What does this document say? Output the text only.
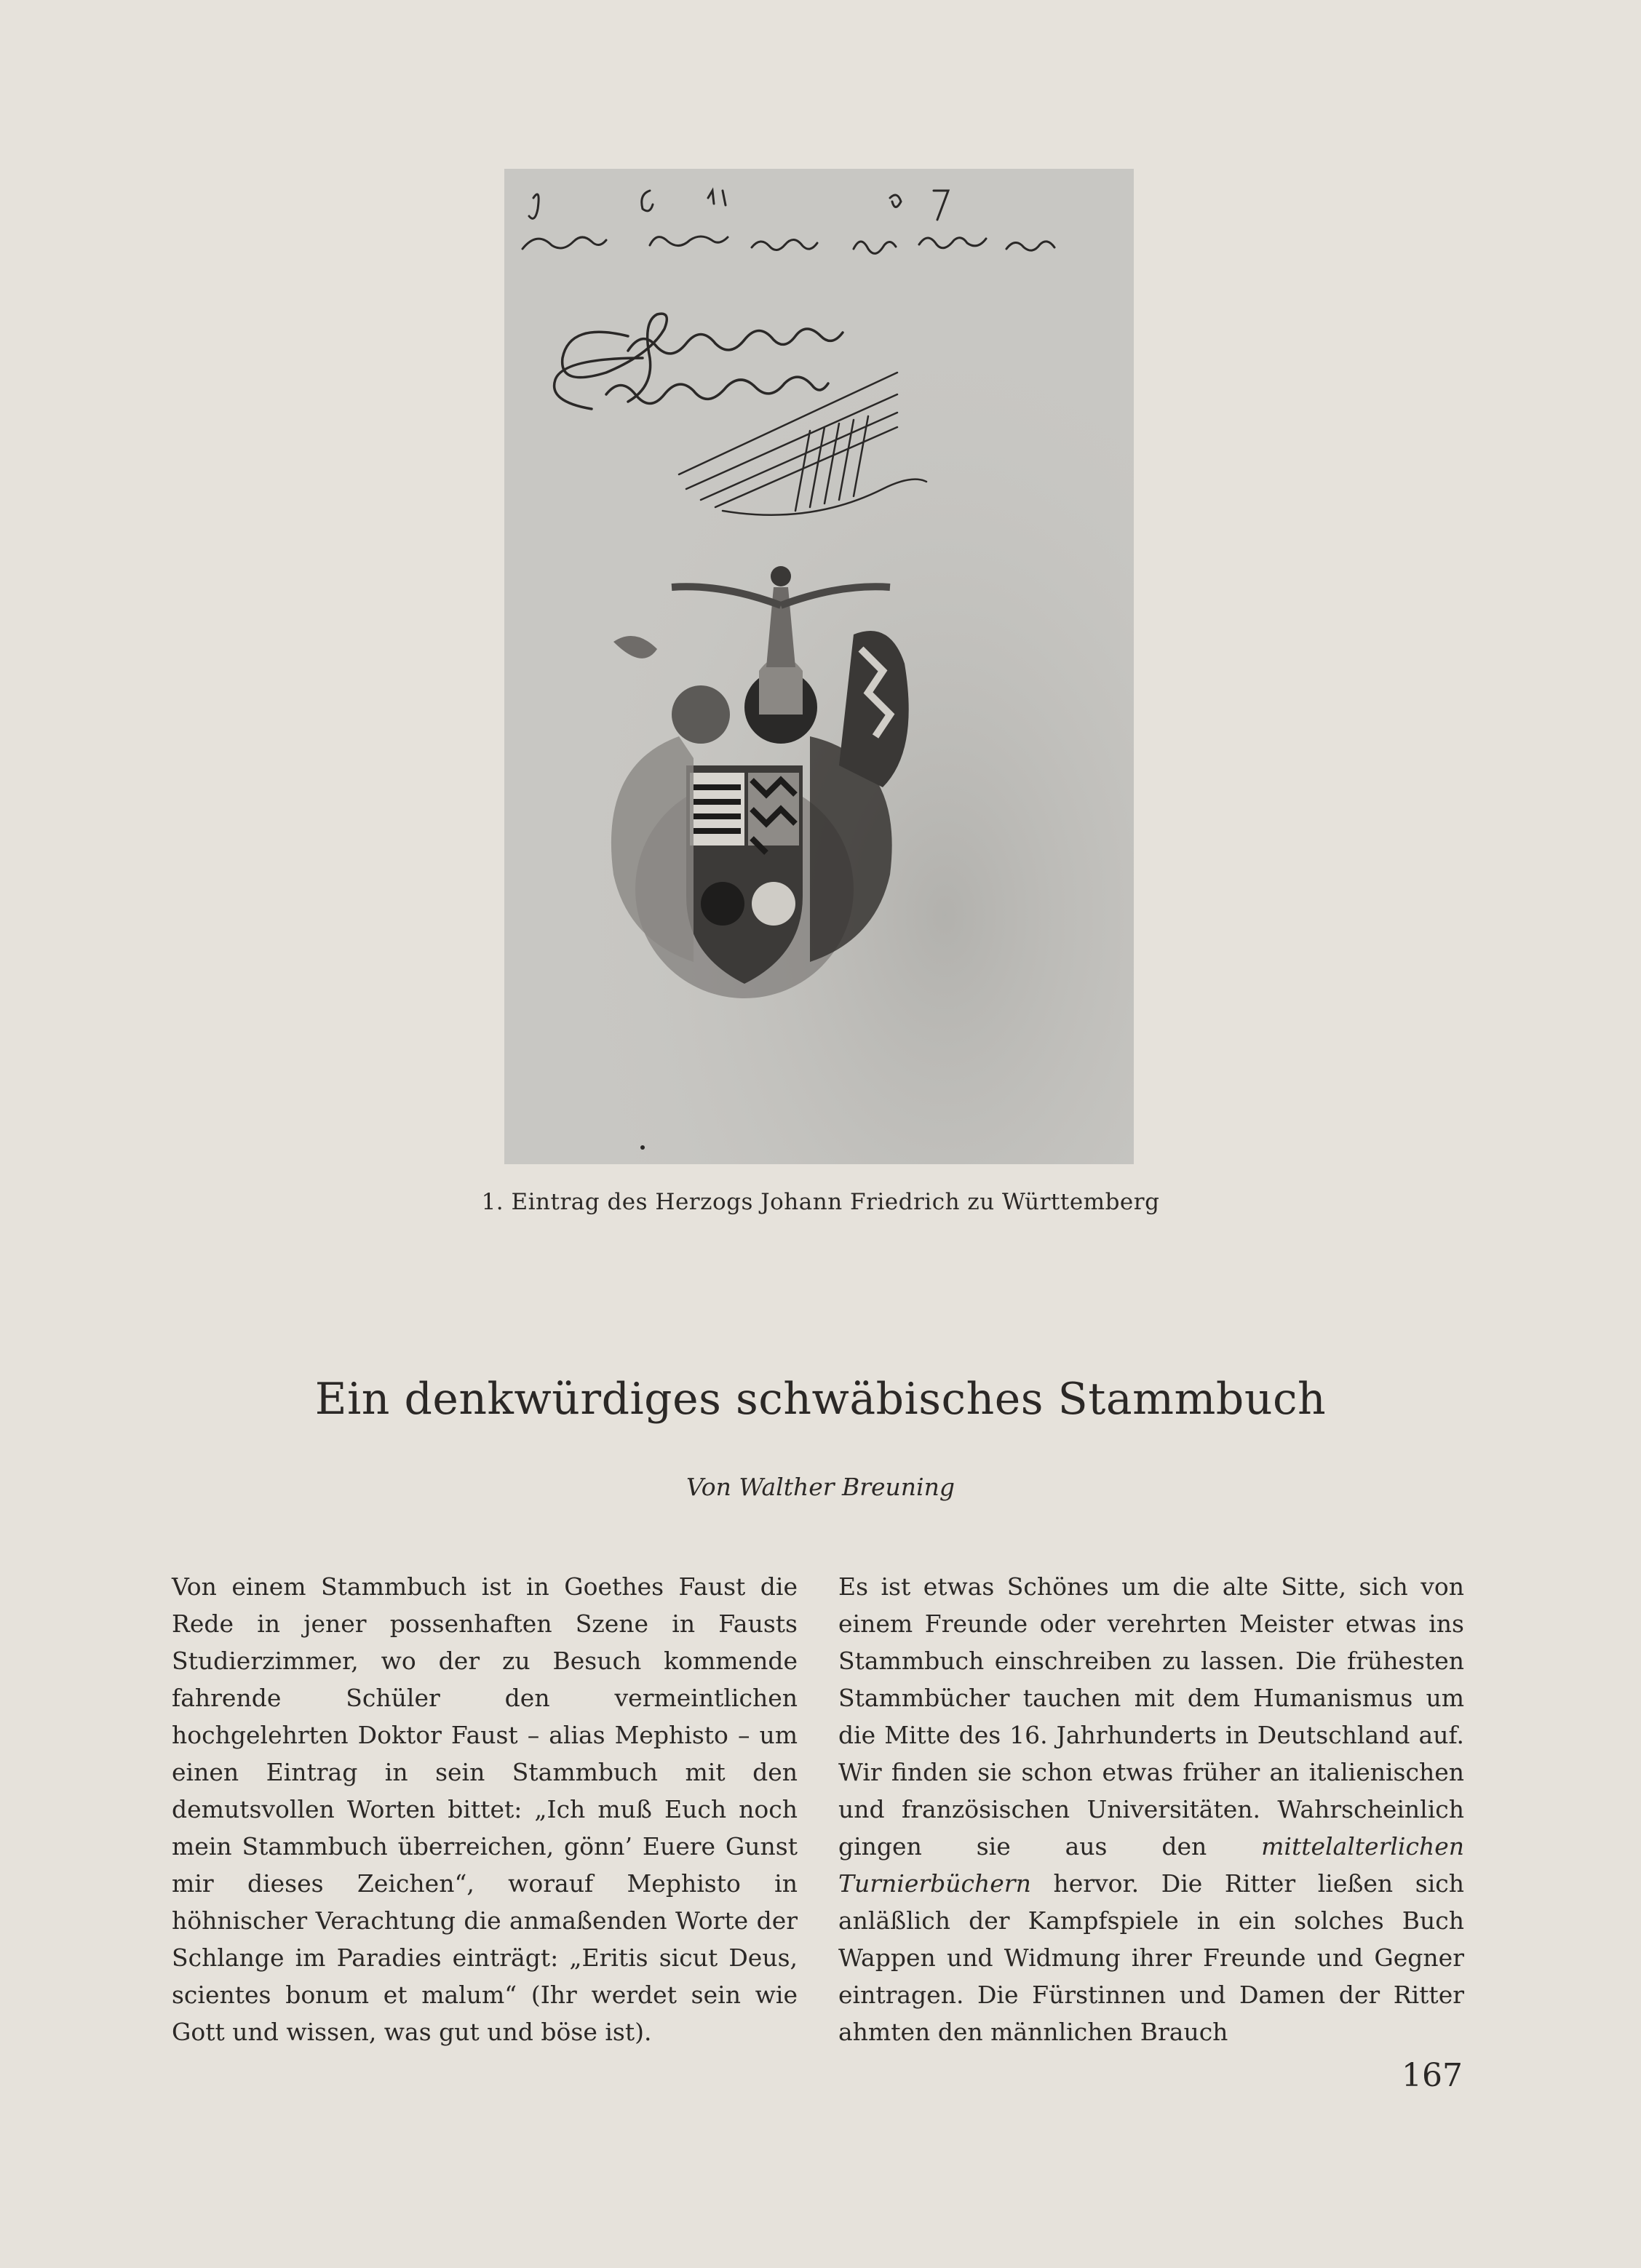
1. Eintrag des Herzogs Johann Friedrich zu Württemberg
Ein denkwürdiges schwäbisches Stammbuch
Von Walther Breuning

Von einem Stammbuch ist in Goethes Faust die Rede in jener possenhaften Szene in Fausts Studierzimmer, wo der zu Besuch kommende fahrende Schüler den vermeintlichen hochgelehrten Doktor Faust – alias Mephisto – um einen Eintrag in sein Stammbuch mit den demutsvollen Worten bittet: „Ich muß Euch noch mein Stammbuch überreichen, gönn’ Euere Gunst mir dieses Zeichen“, worauf Mephisto in höhnischer Verachtung die anmaßenden Worte der Schlange im Paradies einträgt: „Eritis sicut Deus, scientes bonum et malum“ (Ihr werdet sein wie Gott und wissen, was gut und böse ist).

Es ist etwas Schönes um die alte Sitte, sich von einem Freunde oder verehrten Meister etwas ins Stammbuch einschreiben zu lassen. Die frühesten Stammbücher tauchen mit dem Humanismus um die Mitte des 16. Jahrhunderts in Deutschland auf. Wir finden sie schon etwas früher an italienischen und französischen Universitäten. Wahrscheinlich gingen sie aus den mittelalterlichen Turnierbüchern hervor. Die Ritter ließen sich anläßlich der Kampfspiele in ein solches Buch Wappen und Widmung ihrer Freunde und Gegner eintragen. Die Fürstinnen und Damen der Ritter ahmten den männlichen Brauch

167
